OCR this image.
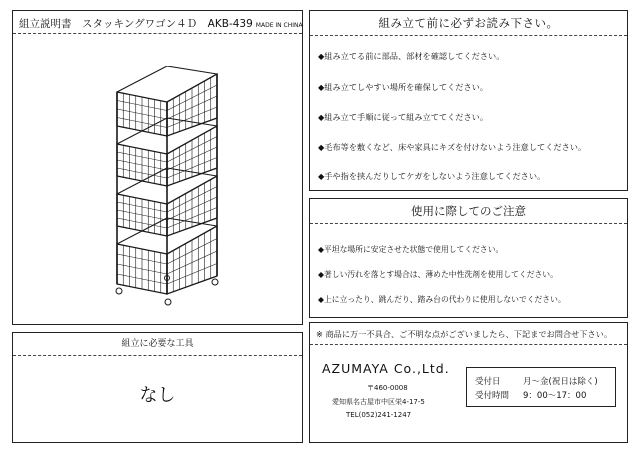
組立説明書　スタッキングワゴン４Ｄ　AKB-439 MADE IN CHINA
組立に必要な工具
なし
組み立て前に必ずお読み下さい。
◆組み立てる前に部品、部材を確認してください。
◆組み立てしやすい場所を確保してください。
◆組み立て手順に従って組み立ててください。
◆毛布等を敷くなど、床や家具にキズを付けないよう注意してください。
◆手や指を挟んだりしてケガをしないよう注意してください。
使用に際してのご注意
◆平坦な場所に安定させた状態で使用してください。
◆著しい汚れを落とす場合は、薄めた中性洗剤を使用してください。
◆上に立ったり、跳んだり、踏み台の代わりに使用しないでください。
※ 商品に万一不具合、ご不明な点がございましたら、下記までお問合せ下さい。
AZUMAYA Co.,Ltd.
〒460-0008
愛知県名古屋市中区栄4-17-5
TEL(052)241-1247
受付日	月～金(祝日は除く)
受付時間 9：00～17：00
